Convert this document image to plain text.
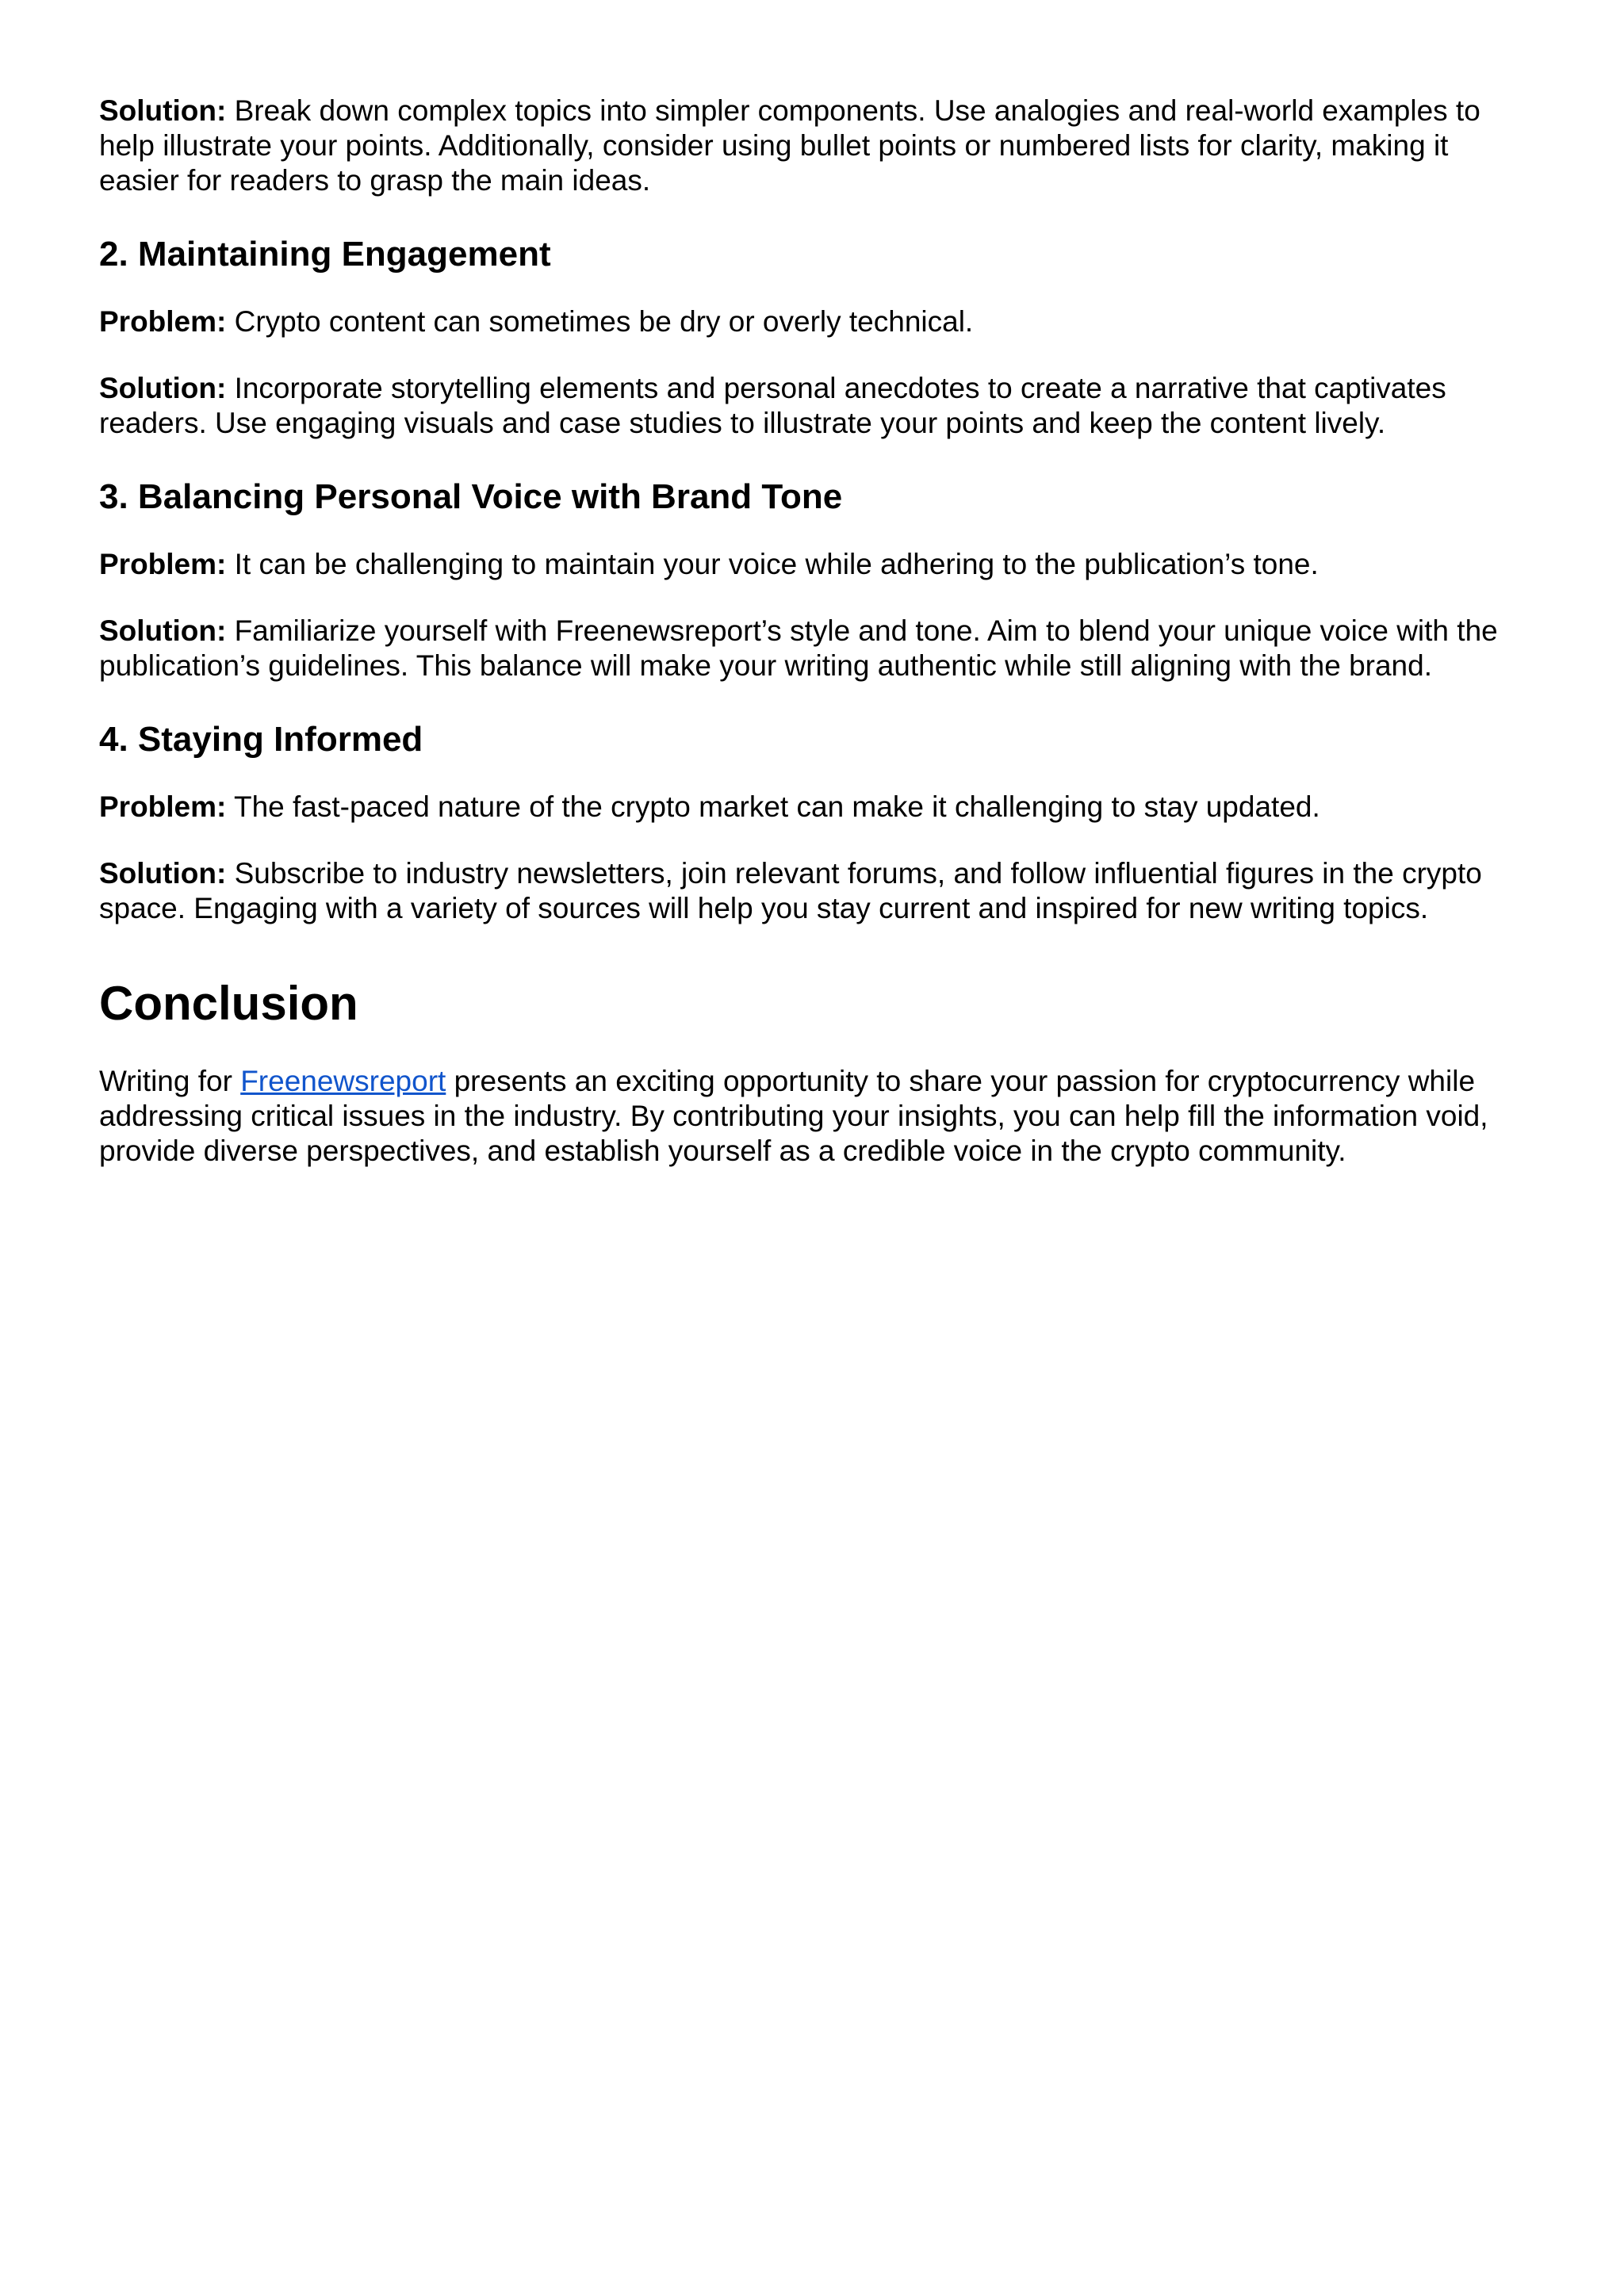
Solution: Break down complex topics into simpler components. Use analogies and real-world examples to help illustrate your points. Additionally, consider using bullet points or numbered lists for clarity, making it easier for readers to grasp the main ideas.

2. Maintaining Engagement

Problem: Crypto content can sometimes be dry or overly technical.

Solution: Incorporate storytelling elements and personal anecdotes to create a narrative that captivates readers. Use engaging visuals and case studies to illustrate your points and keep the content lively.

3. Balancing Personal Voice with Brand Tone

Problem: It can be challenging to maintain your voice while adhering to the publication’s tone.

Solution: Familiarize yourself with Freenewsreport’s style and tone. Aim to blend your unique voice with the publication’s guidelines. This balance will make your writing authentic while still aligning with the brand.

4. Staying Informed

Problem: The fast-paced nature of the crypto market can make it challenging to stay updated.

Solution: Subscribe to industry newsletters, join relevant forums, and follow influential figures in the crypto space. Engaging with a variety of sources will help you stay current and inspired for new writing topics.

Conclusion

Writing for Freenewsreport presents an exciting opportunity to share your passion for cryptocurrency while addressing critical issues in the industry. By contributing your insights, you can help fill the information void, provide diverse perspectives, and establish yourself as a credible voice in the crypto community.
